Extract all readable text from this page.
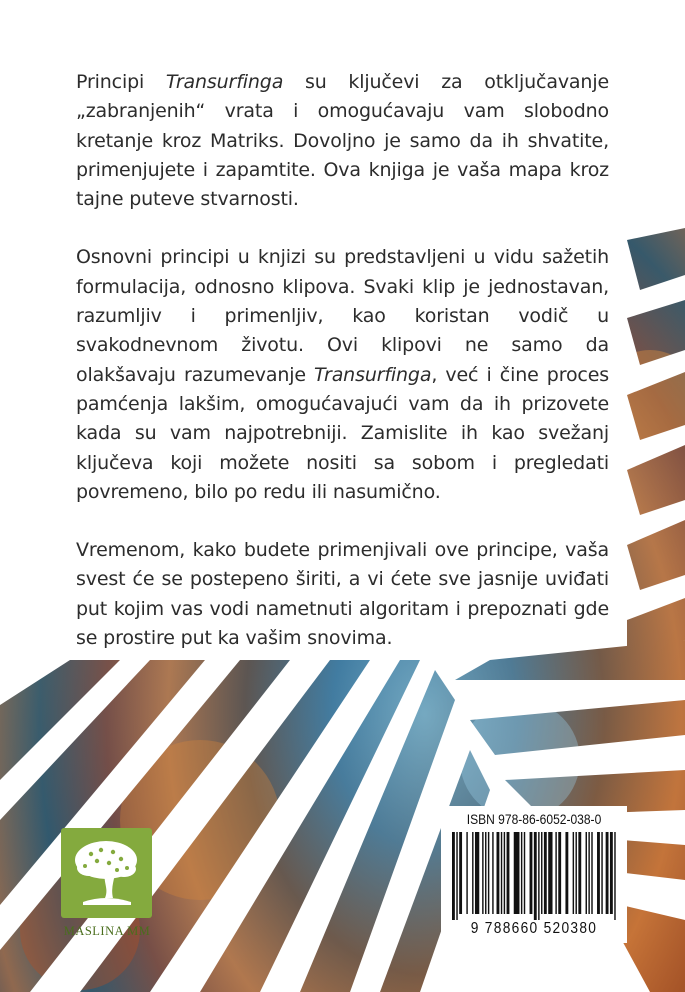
Principi Transurfinga su ključevi za otključavanje „zabranjenih“ vrata i omogućavaju vam slobodno kretanje kroz Matriks. Dovoljno je samo da ih shvatite, primenjujete i zapamtite. Ova knjiga je vaša mapa kroz tajne puteve stvarnosti.

Osnovni principi u knjizi su predstavljeni u vidu sažetih formulacija, odnosno klipova. Svaki klip je jednostavan, razumljiv i primenljiv, kao koristan vodič u svakodnevnom životu. Ovi klipovi ne samo da olakšavaju razumevanje Transurfinga, već i čine proces pamćenja lakšim, omogućavajući vam da ih prizovete kada su vam najpotrebniji. Zamislite ih kao svežanj ključeva koji možete nositi sa sobom i pregledati povremeno, bilo po redu ili nasumično.

Vremenom, kako budete primenjivali ove principe, vaša svest će se postepeno širiti, a vi ćete sve jasnije uviđati put kojim vas vodi nametnuti algoritam i prepoznati gde se prostire put ka vašim snovima.

MASLINA MM
ISBN 978-86-6052-038-0
9 788660 520380
